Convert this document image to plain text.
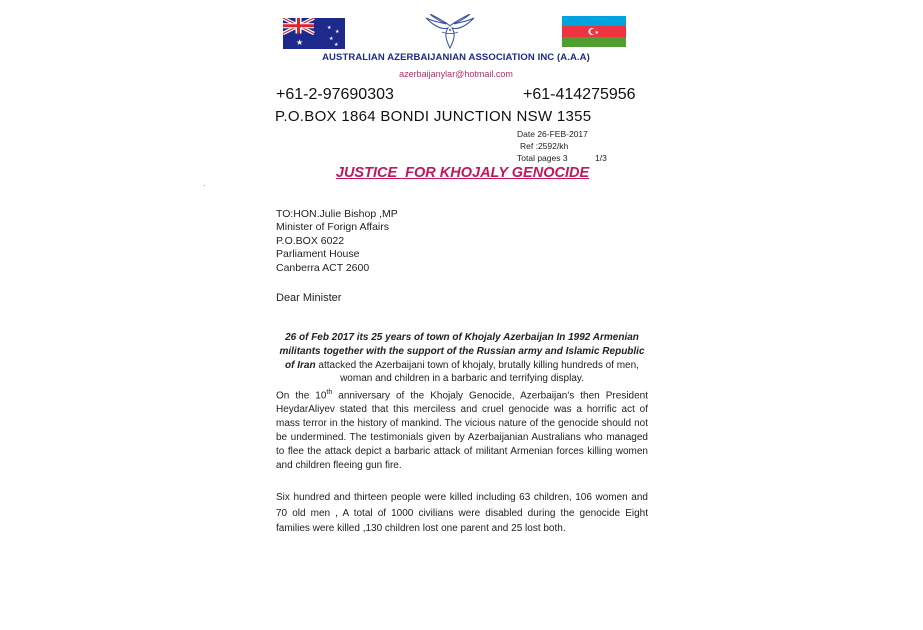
★
★
★
★
★
★
AUSTRALIAN AZERBAIJANIAN ASSOCIATION INC (A.A.A)
azerbaijanylar@hotmail.com
+61-2-97690303	+61-414275956
P.O.BOX 1864 BONDI JUNCTION NSW 1355
Date 26-FEB-2017
Ref :2592/kh
Total pages 3	1/3
JUSTICE  FOR KHOJALY GENOCIDE
·
TO:HON.Julie Bishop ,MP
Minister of Forign Affairs
P.O.BOX 6022
Parliament House
Canberra ACT 2600
Dear Minister

26 of Feb 2017 its 25 years of town of Khojaly Azerbaijan In 1992 Armenian militants together with the support of the Russian army and Islamic Republic of Iran attacked the Azerbaijani town of khojaly, brutally killing hundreds of men, woman and children in a barbaric and terrifying display.

On the 10th anniversary of the Khojaly Genocide, Azerbaijan's then President HeydarAliyev stated that this merciless and cruel genocide was a horrific act of mass terror in the history of mankind. The vicious nature of the genocide should not be undermined. The testimonials given by Azerbaijanian Australians who managed to flee the attack depict a barbaric attack of militant Armenian forces killing women and children fleeing gun fire.

Six hundred and thirteen people were killed including 63 children, 106 women and 70 old men , A total of 1000 civilians were disabled during the genocide Eight families were killed ,130 children lost one parent and 25 lost both.
